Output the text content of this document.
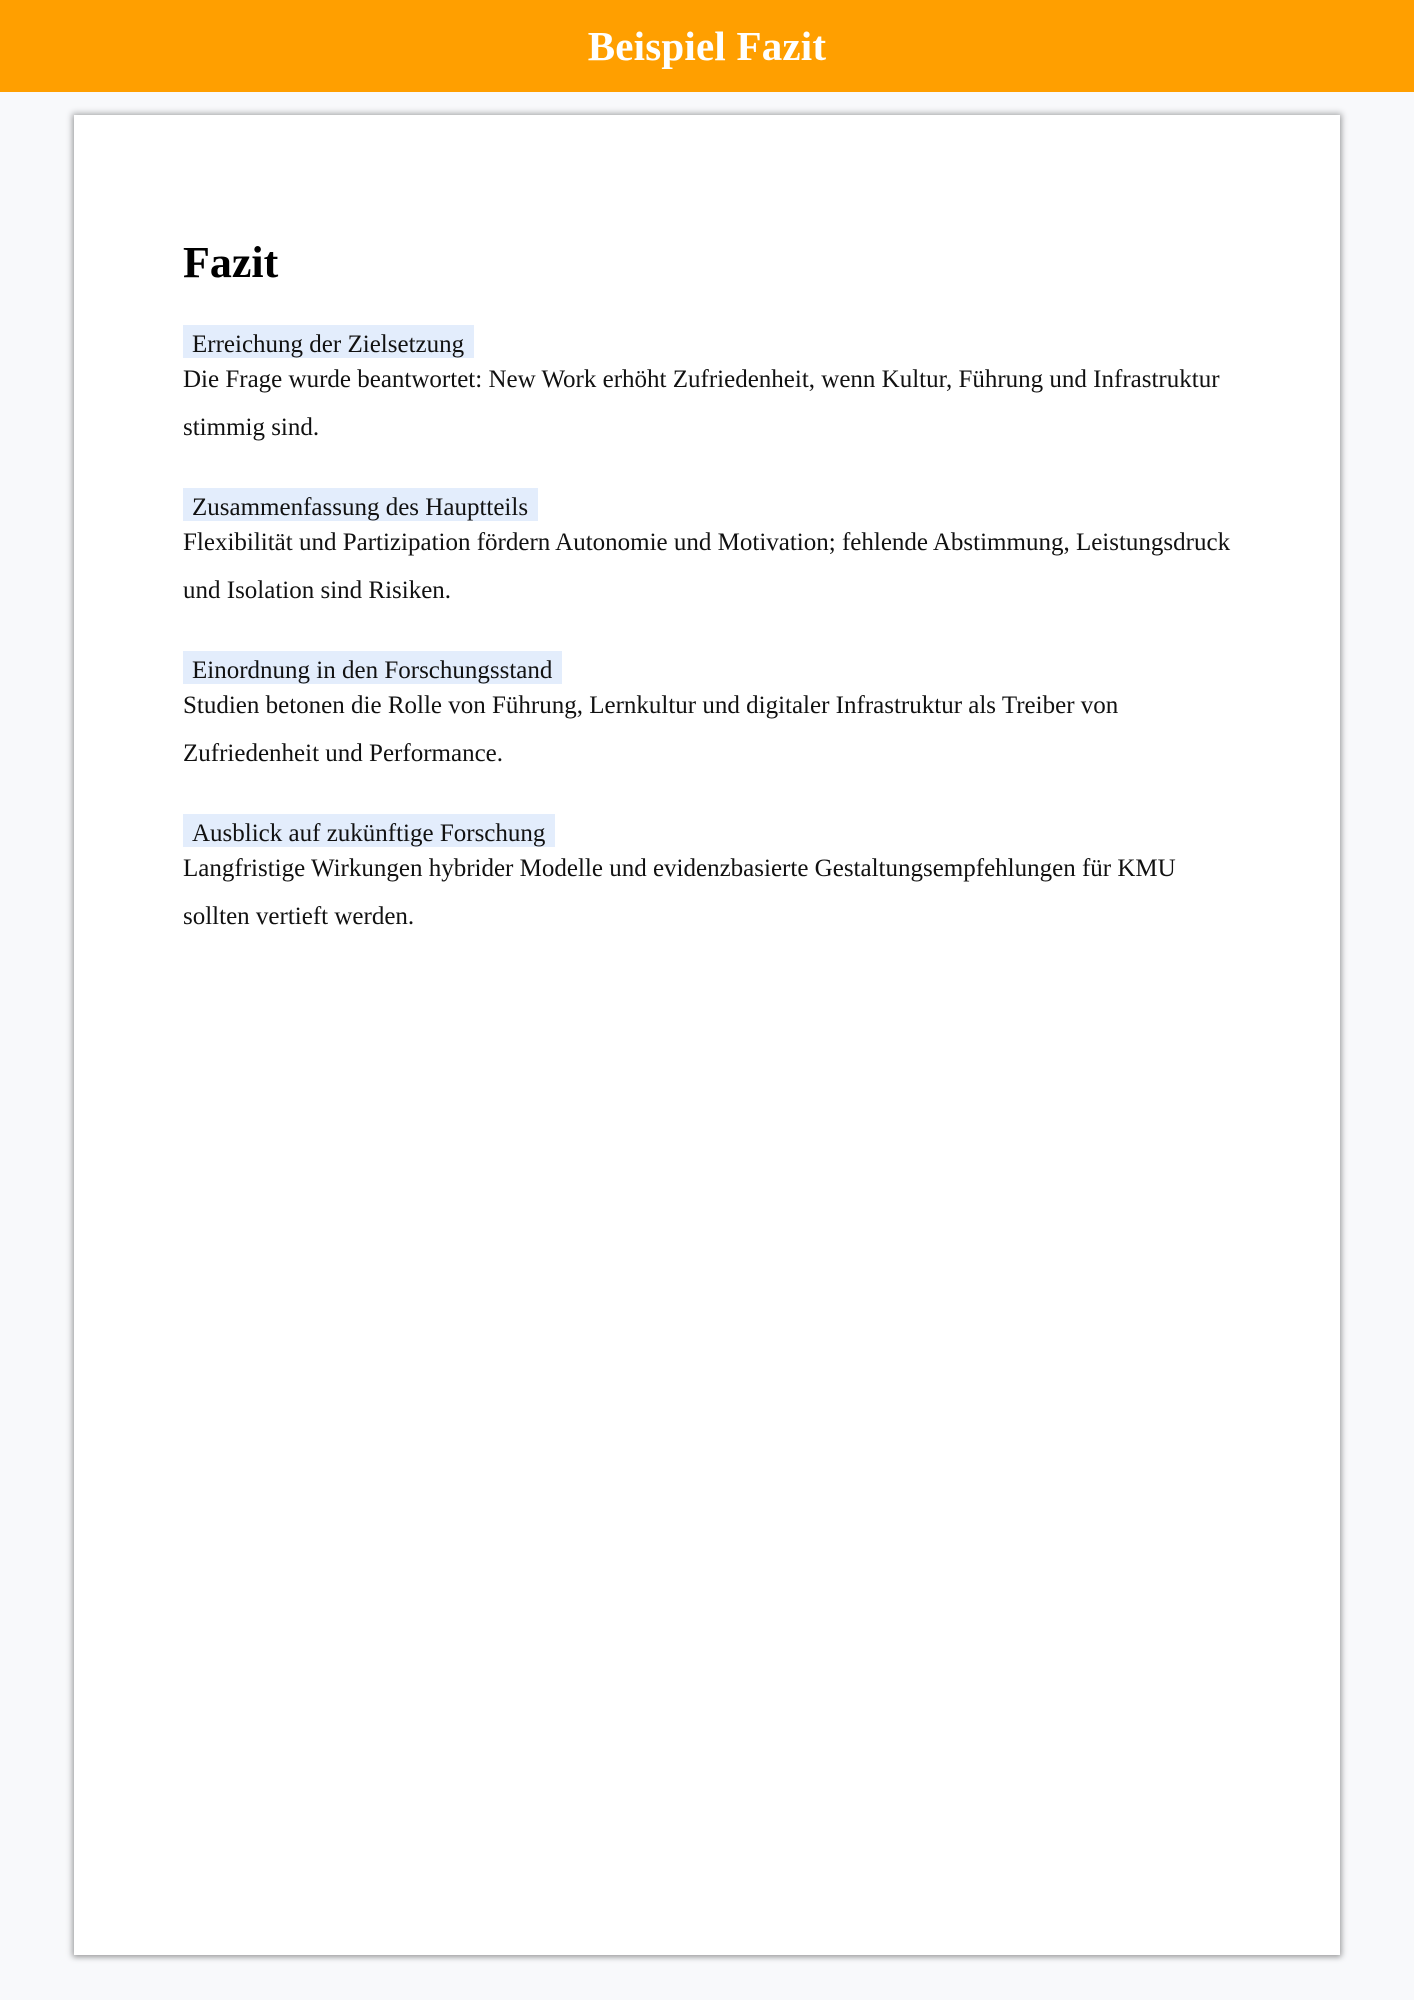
Beispiel Fazit
Fazit
Erreichung der Zielsetzung

Die Frage wurde beantwortet: New Work erhöht Zufriedenheit, wenn Kultur, Führung und Infrastruktur stimmig sind.

Zusammenfassung des Hauptteils

Flexibilität und Partizipation fördern Autonomie und Motivation; fehlende Abstimmung, Leistungsdruck und Isolation sind Risiken.

Einordnung in den Forschungsstand

Studien betonen die Rolle von Führung, Lernkultur und digitaler Infrastruktur als Treiber von Zufriedenheit und Performance.

Ausblick auf zukünftige Forschung

Langfristige Wirkungen hybrider Modelle und evidenzbasierte Gestaltungsempfehlungen für KMU sollten vertieft werden.
